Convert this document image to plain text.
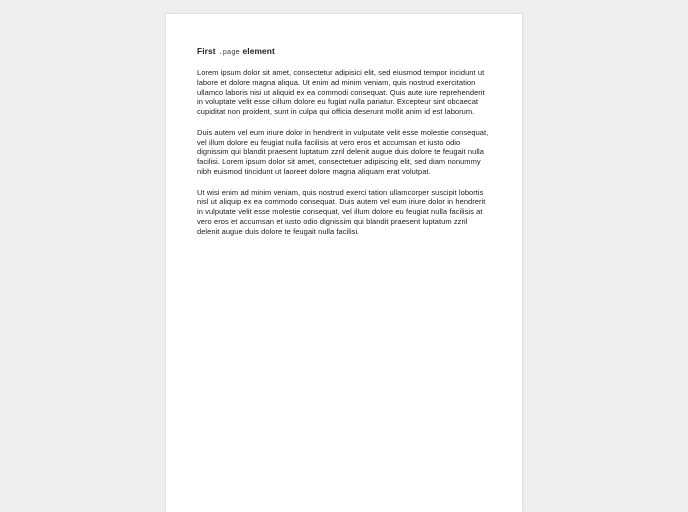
First .page element

Lorem ipsum dolor sit amet, consectetur adipisici elit, sed eiusmod tempor incidunt ut labore et dolore magna aliqua. Ut enim ad minim veniam, quis nostrud exercitation ullamco laboris nisi ut aliquid ex ea commodi consequat. Quis aute iure reprehenderit in voluptate velit esse cillum dolore eu fugiat nulla pariatur. Excepteur sint obcaecat cupiditat non proident, sunt in culpa qui officia deserunt mollit anim id est laborum.

Duis autem vel eum iriure dolor in hendrerit in vulputate velit esse molestie consequat, vel illum dolore eu feugiat nulla facilisis at vero eros et accumsan et iusto odio dignissim qui blandit praesent luptatum zzril delenit augue duis dolore te feugait nulla facilisi. Lorem ipsum dolor sit amet, consectetuer adipiscing elit, sed diam nonummy nibh euismod tincidunt ut laoreet dolore magna aliquam erat volutpat.

Ut wisi enim ad minim veniam, quis nostrud exerci tation ullamcorper suscipit lobortis nisl ut aliquip ex ea commodo consequat. Duis autem vel eum iriure dolor in hendrerit in vulputate velit esse molestie consequat, vel illum dolore eu feugiat nulla facilisis at vero eros et accumsan et iusto odio dignissim qui blandit praesent luptatum zzril delenit augue duis dolore te feugait nulla facilisi.
